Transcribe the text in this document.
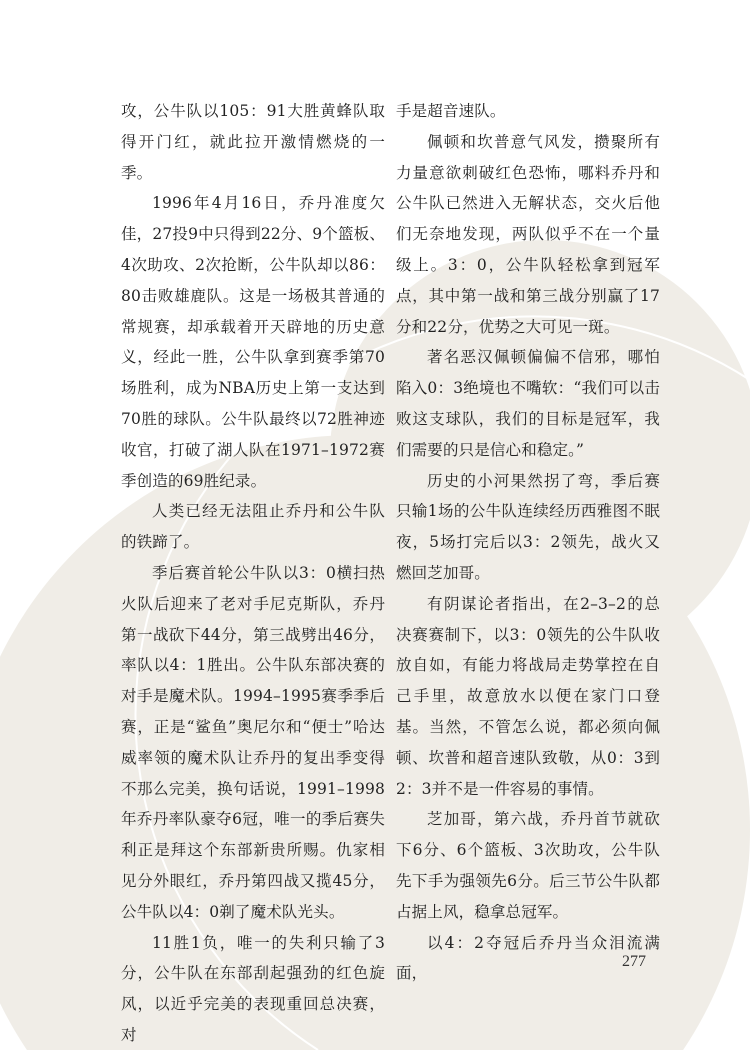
攻，公牛队以105：91大胜黄蜂队取得开门红，就此拉开激情燃烧的一季。

1996年4月16日，乔丹准度欠佳，27投9中只得到22分、9个篮板、4次助攻、2次抢断，公牛队却以86：80击败雄鹿队。这是一场极其普通的常规赛，却承载着开天辟地的历史意义，经此一胜，公牛队拿到赛季第70场胜利，成为NBA历史上第一支达到70胜的球队。公牛队最终以72胜神迹收官，打破了湖人队在1971–1972赛季创造的69胜纪录。

人类已经无法阻止乔丹和公牛队的铁蹄了。

季后赛首轮公牛队以3：0横扫热火队后迎来了老对手尼克斯队，乔丹第一战砍下44分，第三战劈出46分，率队以4：1胜出。公牛队东部决赛的对手是魔术队。1994–1995赛季季后赛，正是“鲨鱼”奥尼尔和“便士”哈达威率领的魔术队让乔丹的复出季变得不那么完美，换句话说，1991–1998年乔丹率队豪夺6冠，唯一的季后赛失利正是拜这个东部新贵所赐。仇家相见分外眼红，乔丹第四战又揽45分，公牛队以4：0剃了魔术队光头。

11胜1负，唯一的失利只输了3分，公牛队在东部刮起强劲的红色旋风，以近乎完美的表现重回总决赛，对

手是超音速队。

佩顿和坎普意气风发，攒聚所有力量意欲刺破红色恐怖，哪料乔丹和公牛队已然进入无解状态，交火后他们无奈地发现，两队似乎不在一个量级上。3：0，公牛队轻松拿到冠军点，其中第一战和第三战分别赢了17分和22分，优势之大可见一斑。

著名恶汉佩顿偏偏不信邪，哪怕陷入0：3绝境也不嘴软：“我们可以击败这支球队，我们的目标是冠军，我们需要的只是信心和稳定。”

历史的小河果然拐了弯，季后赛只输1场的公牛队连续经历西雅图不眠夜，5场打完后以3：2领先，战火又燃回芝加哥。

有阴谋论者指出，在2–3–2的总决赛赛制下，以3：0领先的公牛队收放自如，有能力将战局走势掌控在自己手里，故意放水以便在家门口登基。当然，不管怎么说，都必须向佩顿、坎普和超音速队致敬，从0：3到2：3并不是一件容易的事情。

芝加哥，第六战，乔丹首节就砍下6分、6个篮板、3次助攻，公牛队先下手为强领先6分。后三节公牛队都占据上风，稳拿总冠军。

以4：2夺冠后乔丹当众泪流满面，

277
